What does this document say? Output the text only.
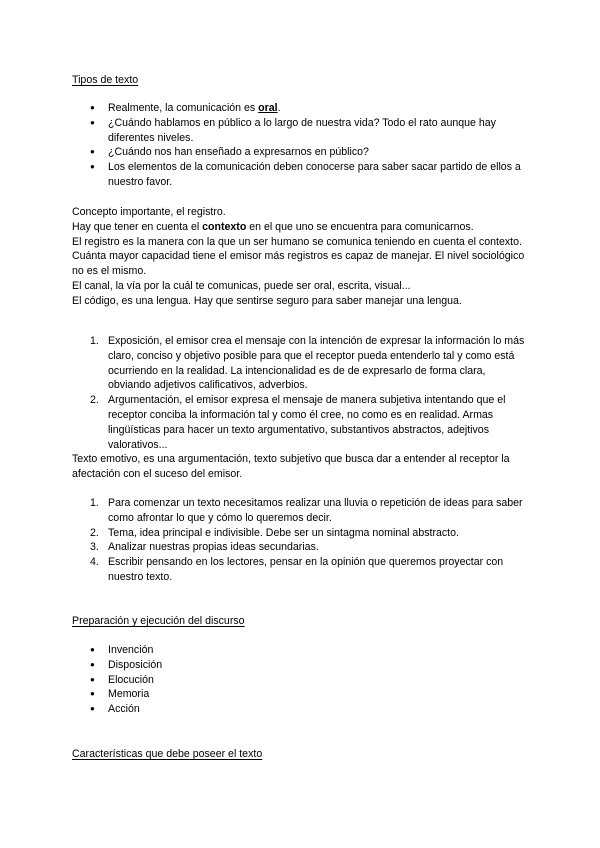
Tipos de texto
● Realmente, la comunicación es oral.
● ¿Cuándo hablamos en público a lo largo de nuestra vida? Todo el rato aunque hay diferentes niveles.
● ¿Cuándo nos han enseñado a expresarnos en público?
● Los elementos de la comunicación deben conocerse para saber sacar partido de ellos a nuestro favor.

Concepto importante, el registro.

Hay que tener en cuenta el contexto en el que uno se encuentra para comunicarnos.

El registro es la manera con la que un ser humano se comunica teniendo en cuenta el contexto. Cuánta mayor capacidad tiene el emisor más registros es capaz de manejar. El nivel sociológico no es el mismo.

El canal, la vía por la cuál te comunicas, puede ser oral, escrita, visual...

El código, es una lengua. Hay que sentirse seguro para saber manejar una lengua.

1. Exposición, el emisor crea el mensaje con la intención de expresar la información lo más claro, conciso y objetivo posible para que el receptor pueda entenderlo tal y como está ocurriendo en la realidad. La intencionalidad es de de expresarlo de forma clara, obviando adjetivos calificativos, adverbios.
2. Argumentación, el emisor expresa el mensaje de manera subjetiva intentando que el receptor conciba la información tal y como él cree, no como es en realidad. Armas lingüísticas para hacer un texto argumentativo, substantivos abstractos, adejtivos valorativos...

Texto emotivo, es una argumentación, texto subjetivo que busca dar a entender al receptor la afectación con el suceso del emisor.

1. Para comenzar un texto necesitamos realizar una lluvia o repetición de ideas para saber como afrontar lo que y cómo lo queremos decir.
2. Tema, idea principal e indivisible. Debe ser un sintagma nominal abstracto.
3. Analizar nuestras propias ideas secundarias.
4. Escribir pensando en los lectores, pensar en la opinión que queremos proyectar con nuestro texto.
Preparación y ejecución del discurso
● Invención
● Disposición
● Elocución
● Memoria
● Acción
Características que debe poseer el texto
